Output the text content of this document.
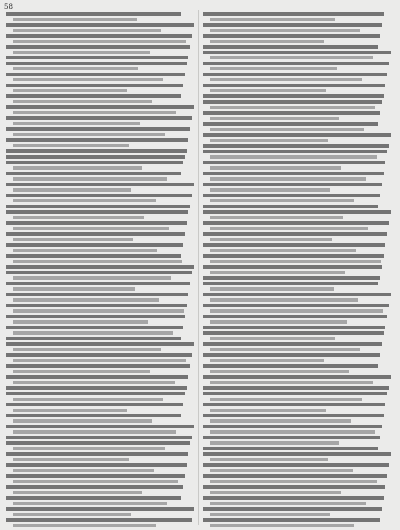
58
